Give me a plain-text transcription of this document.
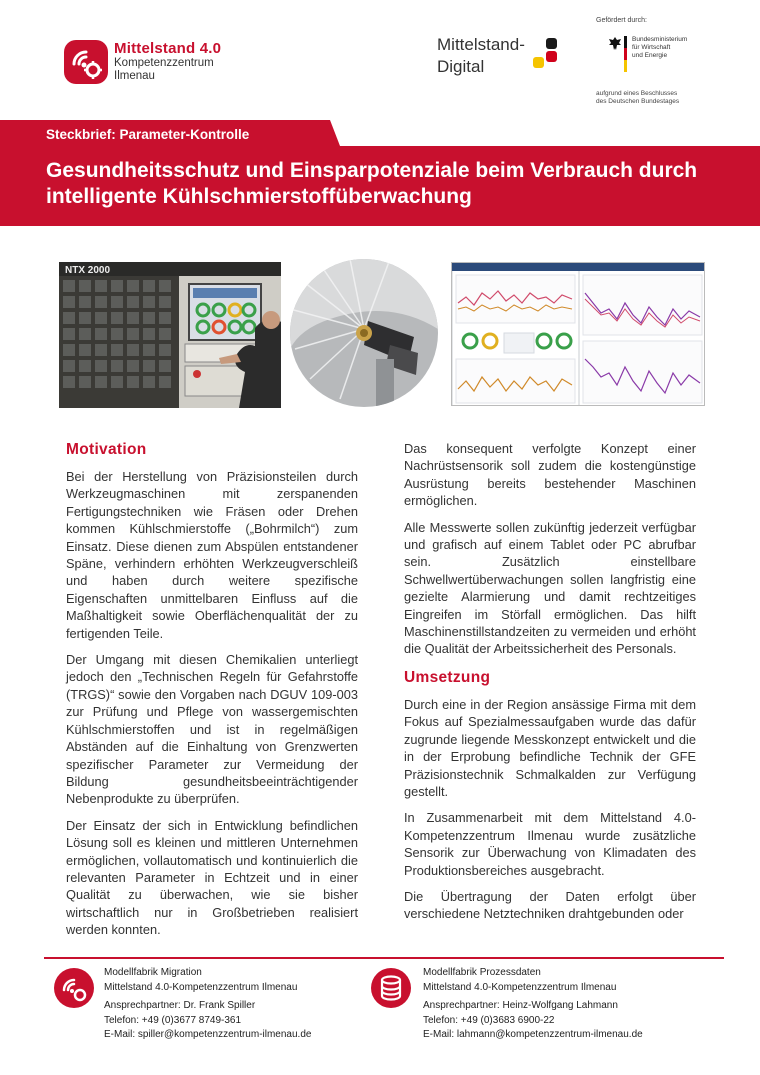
Mittelstand 4.0
Kompetenzzentrum
Ilmenau
Mittelstand-
Digital
Gefördert durch:
Bundesministerium
für Wirtschaft
und Energie
aufgrund eines Beschlusses
des Deutschen Bundestages
Steckbrief: Parameter-Kontrolle
Gesundheitsschutz und Einsparpotenziale beim Verbrauch durch intelligente Kühlschmierstoffüberwachung
NTX 2000
Motivation

Bei der Herstellung von Präzisionsteilen durch Werkzeugmaschinen mit zerspanenden Fertigungstechniken wie Fräsen oder Drehen kommen Kühlschmierstoffe („Bohrmilch“) zum Einsatz. Diese dienen zum Abspülen entstandener Späne, verhindern erhöhten Werkzeugverschleiß und haben durch weitere spezifische Eigenschaften unmittelbaren Einfluss auf die Maßhaltigkeit sowie Oberflächenqualität der zu fertigenden Teile.

Der Umgang mit diesen Chemikalien unterliegt jedoch den „Technischen Regeln für Gefahrstoffe (TRGS)“ sowie den Vorgaben nach DGUV 109-003 zur Prüfung und Pflege von wassergemischten Kühlschmierstoffen und ist in regelmäßigen Abständen auf die Einhaltung von Grenzwerten spezifischer Parameter zur Vermeidung der Bildung gesundheitsbeeinträchtigender Nebenprodukte zu überprüfen.

Der Einsatz der sich in Entwicklung befindlichen Lösung soll es kleinen und mittleren Unternehmen ermöglichen, vollautomatisch und kontinuierlich die relevanten Parameter in Echtzeit und in einer Qualität zu überwachen, wie sie bisher wirtschaftlich nur in Großbetrieben realisiert werden konnten.

Das konsequent verfolgte Konzept einer Nachrüstsensorik soll zudem die kostengünstige Ausrüstung bereits bestehender Maschinen ermöglichen.

Alle Messwerte sollen zukünftig jederzeit verfügbar und grafisch auf einem Tablet oder PC abrufbar sein. Zusätzlich einstellbare Schwellwertüberwachungen sollen langfristig eine gezielte Alarmierung und damit rechtzeitiges Eingreifen im Störfall ermöglichen. Das hilft Maschinenstillstandzeiten zu vermeiden und erhöht die Qualität der Arbeitssicherheit des Personals.

Umsetzung

Durch eine in der Region ansässige Firma mit dem Fokus auf Spezialmessaufgaben wurde das dafür zugrunde liegende Messkonzept entwickelt und die in der Erprobung befindliche Technik der GFE Präzisionstechnik Schmalkalden zur Verfügung gestellt.

In Zusammenarbeit mit dem Mittelstand 4.0-Kompetenzzentrum Ilmenau wurde zusätzliche Sensorik zur Überwachung von Klimadaten des Produktionsbereiches ausgebracht.

Die Übertragung der Daten erfolgt über verschiedene Netztechniken drahtgebunden oder

Modellfabrik Migration
Mittelstand 4.0-Kompetenzzentrum Ilmenau
Ansprechpartner: Dr. Frank Spiller
Telefon: +49 (0)3677 8749-361
E-Mail: spiller@kompetenzzentrum-ilmenau.de
Modellfabrik Prozessdaten
Mittelstand 4.0-Kompetenzzentrum Ilmenau
Ansprechpartner: Heinz-Wolfgang Lahmann
Telefon: +49 (0)3683 6900-22
E-Mail: lahmann@kompetenzzentrum-ilmenau.de
